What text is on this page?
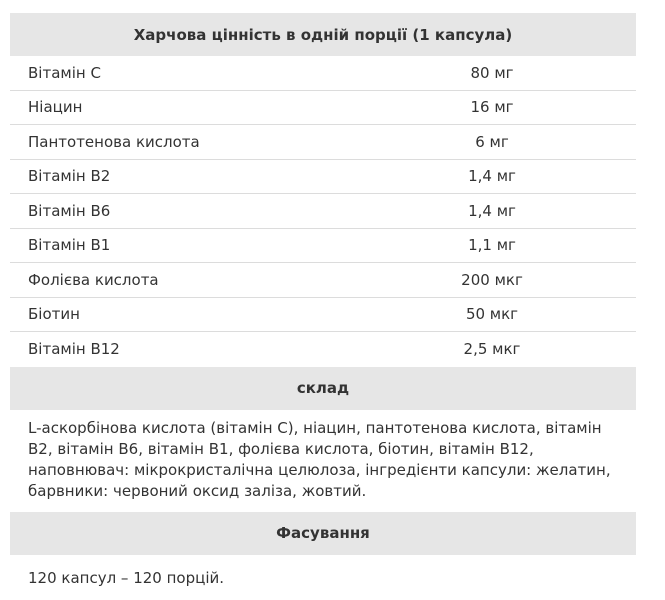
Харчова цінність в одній порції (1 капсула)
Вітамін С	80 мг
Ніацин	16 мг
Пантотенова кислота	6 мг
Вітамін В2	1,4 мг
Вітамін В6	1,4 мг
Вітамін В1	1,1 мг
Фолієва кислота	200 мкг
Біотин	50 мкг
Вітамін В12	2,5 мкг
склад
L-аскорбінова кислота (вітамін С), ніацин, пантотенова кислота, вітамін В2, вітамін В6, вітамін В1, фолієва кислота, біотин, вітамін В12, наповнювач: мікрокристалічна целюлоза, інгредієнти капсули: желатин, барвники: червоний оксид заліза, жовтий.
Фасування
120 капсул – 120 порцій.
